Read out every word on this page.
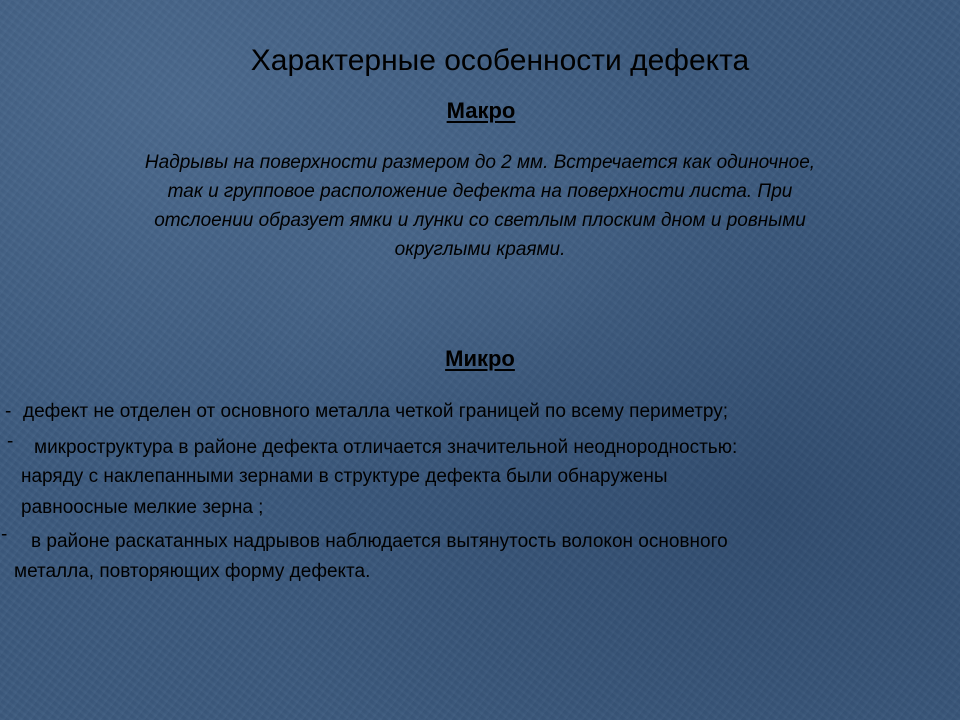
Характерные особенности дефекта
Макро
Надрывы на поверхности размером до 2 мм. Встречается как одиночное,
так и групповое расположение дефекта на поверхности листа. При
отслоении образует ямки и лунки со светлым плоским дном и ровными
округлыми краями.
Микро
- дефект не отделен от основного металла четкой границей по всему периметру;
- микроструктура в районе дефекта отличается значительной неоднородностью:
наряду с наклепанными зернами в структуре дефекта были обнаружены
равноосные мелкие зерна ;
- в районе раскатанных надрывов наблюдается вытянутость волокон основного
металла, повторяющих форму дефекта.
